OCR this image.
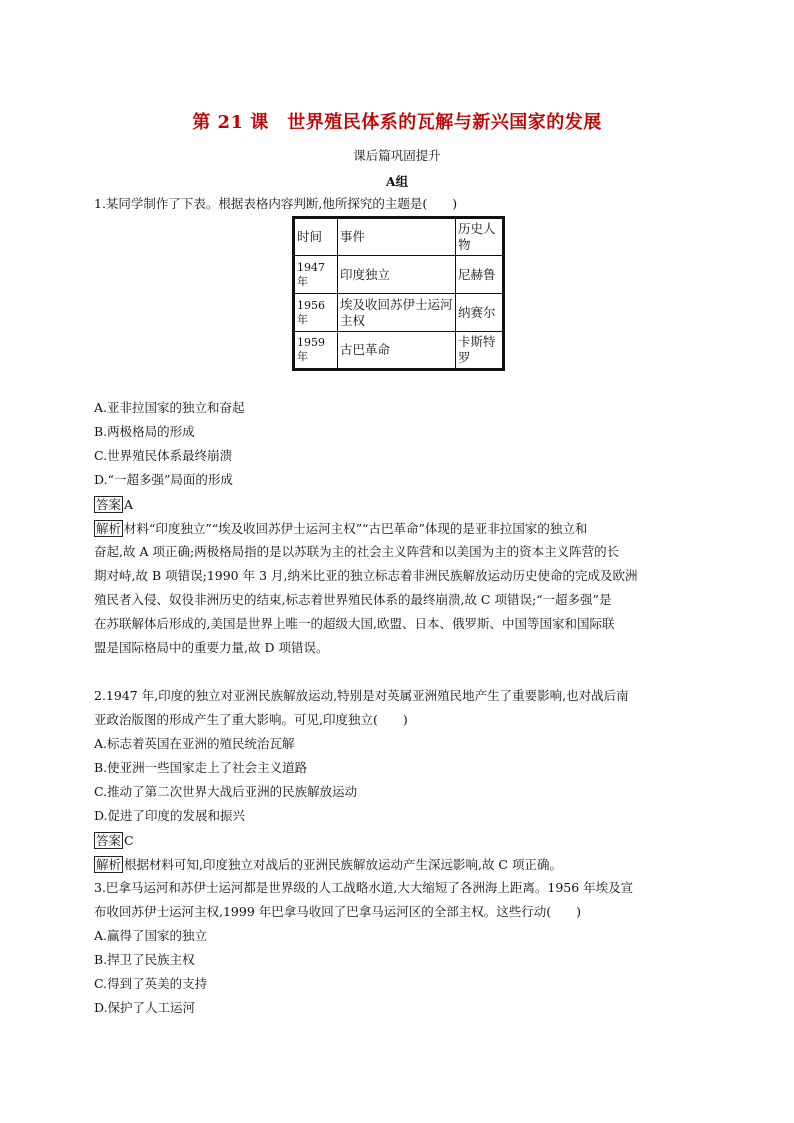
第 21 课　世界殖民体系的瓦解与新兴国家的发展
课后篇巩固提升
A组
1.某同学制作了下表。根据表格内容判断,他所探究的主题是(　　)
时间	事件	历史人物
1947年	印度独立	尼赫鲁
1956年	埃及收回苏伊士运河主权	纳赛尔
1959年	古巴革命	卡斯特罗
A.亚非拉国家的独立和奋起
B.两极格局的形成
C.世界殖民体系最终崩溃
D.“一超多强”局面的形成
答案 A
解析 材料“印度独立”“埃及收回苏伊士运河主权”“古巴革命”体现的是亚非拉国家的独立和
奋起,故 A 项正确;两极格局指的是以苏联为主的社会主义阵营和以美国为主的资本主义阵营的长
期对峙,故 B 项错误;1990 年 3 月,纳米比亚的独立标志着非洲民族解放运动历史使命的完成及欧洲
殖民者入侵、奴役非洲历史的结束,标志着世界殖民体系的最终崩溃,故 C 项错误;“一超多强”是
在苏联解体后形成的,美国是世界上唯一的超级大国,欧盟、日本、俄罗斯、中国等国家和国际联
盟是国际格局中的重要力量,故 D 项错误。
2.1947 年,印度的独立对亚洲民族解放运动,特别是对英属亚洲殖民地产生了重要影响,也对战后南
亚政治版图的形成产生了重大影响。可见,印度独立(　　)
A.标志着英国在亚洲的殖民统治瓦解
B.使亚洲一些国家走上了社会主义道路
C.推动了第二次世界大战后亚洲的民族解放运动
D.促进了印度的发展和振兴
答案 C
解析 根据材料可知,印度独立对战后的亚洲民族解放运动产生深远影响,故 C 项正确。
3.巴拿马运河和苏伊士运河都是世界级的人工战略水道,大大缩短了各洲海上距离。1956 年埃及宣
布收回苏伊士运河主权,1999 年巴拿马收回了巴拿马运河区的全部主权。这些行动(　　)
A.赢得了国家的独立
B.捍卫了民族主权
C.得到了英美的支持
D.保护了人工运河
